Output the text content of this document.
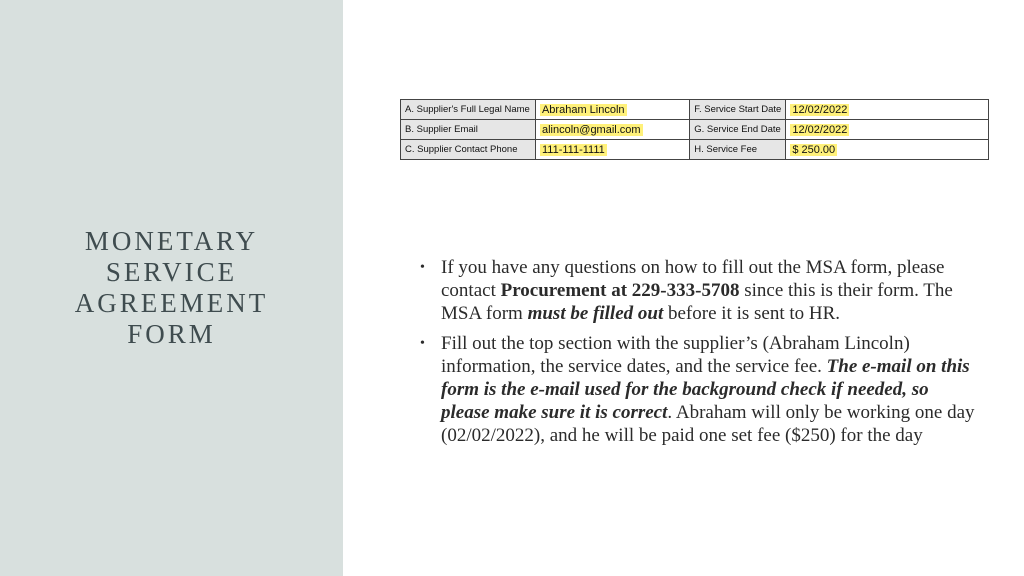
MONETARY
SERVICE
AGREEMENT
FORM
A. Supplier's Full Legal Name	Abraham Lincoln	F. Service Start Date	12/02/2022
B. Supplier Email	alincoln@gmail.com	G. Service End Date	12/02/2022
C. Supplier Contact Phone	111-111-1111	H. Service Fee	$ 250.00
• If you have any questions on how to fill out the MSA form, please contact Procurement at 229-333-5708 since this is their form. The MSA form must be filled out before it is sent to HR.
• Fill out the top section with the supplier’s (Abraham Lincoln) information, the service dates, and the service fee. The e-mail on this form is the e-mail used for the background check if needed, so please make sure it is correct. Abraham will only be working one day (02/02/2022), and he will be paid one set fee ($250) for the day
